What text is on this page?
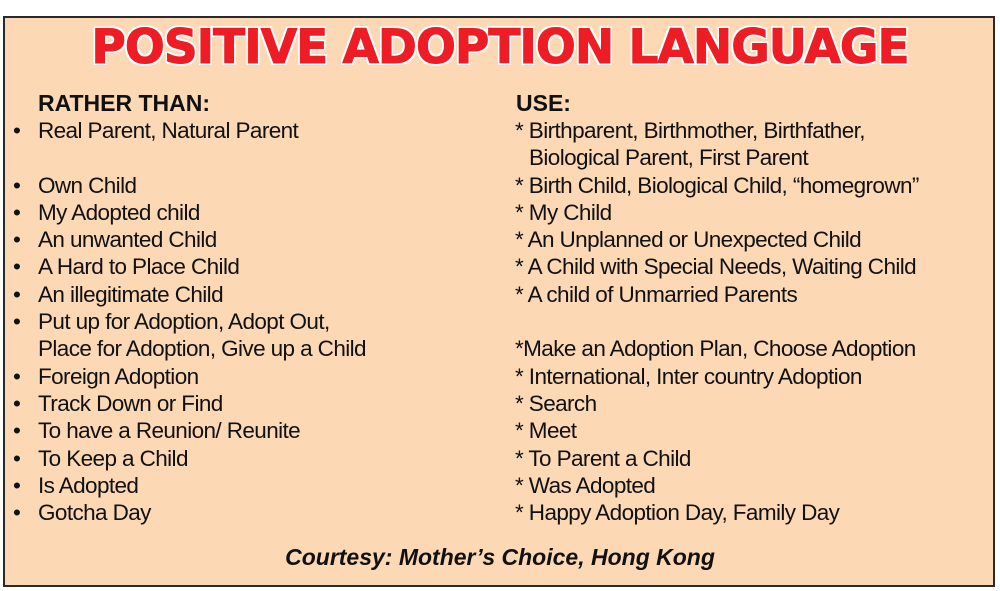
POSITIVE ADOPTION LANGUAGE
RATHER THAN:	USE:
• Real Parent, Natural Parent
• Own Child
• My Adopted child
• An unwanted Child
• A Hard to Place Child
• An illegitimate Child
• Put up for Adoption, Adopt Out,
Place for Adoption, Give up a Child
• Foreign Adoption
• Track Down or Find
• To have a Reunion/ Reunite
• To Keep a Child
• Is Adopted
• Gotcha Day
* Birthparent, Birthmother, Birthfather,
Biological Parent, First Parent
* Birth Child, Biological Child, “homegrown”
* My Child
* An Unplanned or Unexpected Child
* A Child with Special Needs, Waiting Child
* A child of Unmarried Parents
*Make an Adoption Plan, Choose Adoption
* International, Inter country Adoption
* Search
* Meet
* To Parent a Child
* Was Adopted
* Happy Adoption Day, Family Day
Courtesy: Mother’s Choice, Hong Kong
